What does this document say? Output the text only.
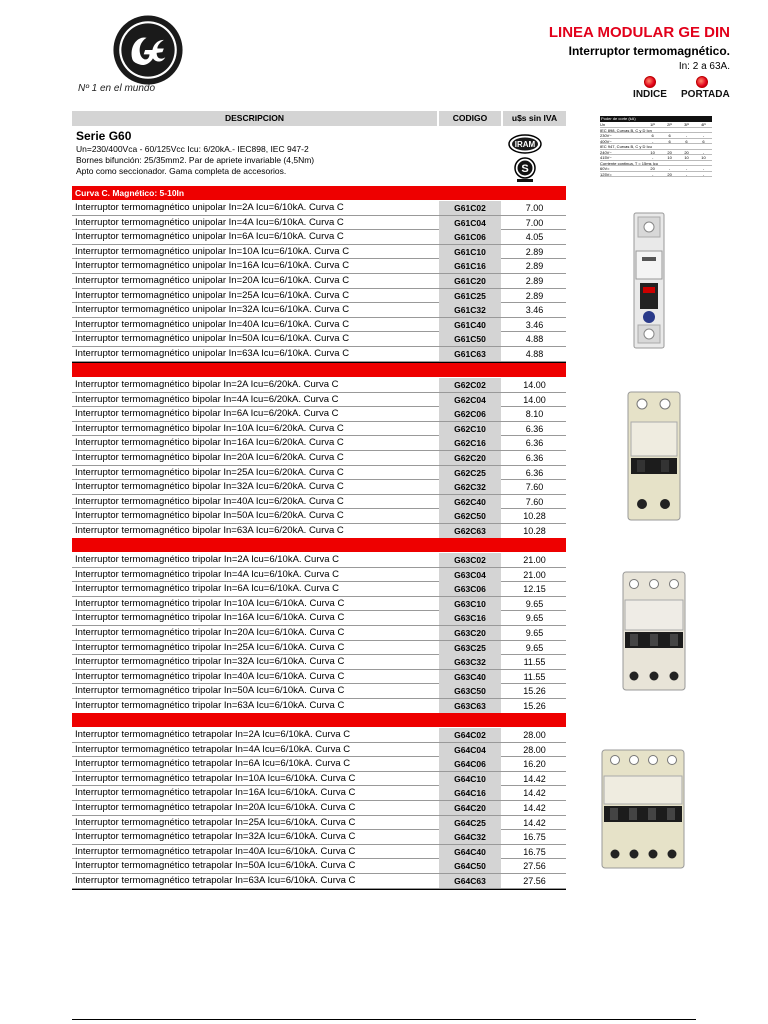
Nº 1 en el mundo
LINEA MODULAR GE DIN
Interruptor termomagnético.
In: 2 a 63A.
INDICE	PORTADA
DESCRIPCION	CODIGO	u$s sin IVA
Serie G60
Un=230/400Vca - 60/125Vcc Icu: 6/20kA.- IEC898, IEC 947-2
Bornes bifunción: 25/35mm2. Par de apriete invariable (4,5Nm)
Apto como seccionador. Gama completa de accesorios.
IRAM
S
Poder de corte (kA)
Un	1P	2P	3P	4P
IEC 898, Curvas B, C y D Icn
230V~	6	6	-	-
400V~	-	6	6	6
IEC 947, Curvas B, C y D Icu
240V~	10	20	20	-
415V~	-	10	10	10
Corriente continua, T = 15ms Icu
60V=	20	-	-	-
125V=	-	20	-	-
Curva C. Magnético: 5-10In
Interruptor termomagnético unipolar In=2A Icu=6/10kA. Curva C	G61C02	7.00
Interruptor termomagnético unipolar In=4A Icu=6/10kA. Curva C	G61C04	7.00
Interruptor termomagnético unipolar In=6A Icu=6/10kA. Curva C	G61C06	4.05
Interruptor termomagnético unipolar In=10A Icu=6/10kA. Curva C	G61C10	2.89
Interruptor termomagnético unipolar In=16A Icu=6/10kA. Curva C	G61C16	2.89
Interruptor termomagnético unipolar In=20A Icu=6/10kA. Curva C	G61C20	2.89
Interruptor termomagnético unipolar In=25A Icu=6/10kA. Curva C	G61C25	2.89
Interruptor termomagnético unipolar In=32A Icu=6/10kA. Curva C	G61C32	3.46
Interruptor termomagnético unipolar In=40A Icu=6/10kA. Curva C	G61C40	3.46
Interruptor termomagnético unipolar In=50A Icu=6/10kA. Curva C	G61C50	4.88
Interruptor termomagnético unipolar In=63A Icu=6/10kA. Curva C	G61C63	4.88
Interruptor termomagnético bipolar In=2A Icu=6/20kA. Curva C	G62C02	14.00
Interruptor termomagnético bipolar In=4A Icu=6/20kA. Curva C	G62C04	14.00
Interruptor termomagnético bipolar In=6A Icu=6/20kA. Curva C	G62C06	8.10
Interruptor termomagnético bipolar In=10A Icu=6/20kA. Curva C	G62C10	6.36
Interruptor termomagnético bipolar In=16A Icu=6/20kA. Curva C	G62C16	6.36
Interruptor termomagnético bipolar In=20A Icu=6/20kA. Curva C	G62C20	6.36
Interruptor termomagnético bipolar In=25A Icu=6/20kA. Curva C	G62C25	6.36
Interruptor termomagnético bipolar In=32A Icu=6/20kA. Curva C	G62C32	7.60
Interruptor termomagnético bipolar In=40A Icu=6/20kA. Curva C	G62C40	7.60
Interruptor termomagnético bipolar In=50A Icu=6/20kA. Curva C	G62C50	10.28
Interruptor termomagnético bipolar In=63A Icu=6/20kA. Curva C	G62C63	10.28
Interruptor termomagnético tripolar In=2A Icu=6/10kA. Curva C	G63C02	21.00
Interruptor termomagnético tripolar In=4A Icu=6/10kA. Curva C	G63C04	21.00
Interruptor termomagnético tripolar In=6A Icu=6/10kA. Curva C	G63C06	12.15
Interruptor termomagnético tripolar In=10A Icu=6/10kA. Curva C	G63C10	9.65
Interruptor termomagnético tripolar In=16A Icu=6/10kA. Curva C	G63C16	9.65
Interruptor termomagnético tripolar In=20A Icu=6/10kA. Curva C	G63C20	9.65
Interruptor termomagnético tripolar In=25A Icu=6/10kA. Curva C	G63C25	9.65
Interruptor termomagnético tripolar In=32A Icu=6/10kA. Curva C	G63C32	11.55
Interruptor termomagnético tripolar In=40A Icu=6/10kA. Curva C	G63C40	11.55
Interruptor termomagnético tripolar In=50A Icu=6/10kA. Curva C	G63C50	15.26
Interruptor termomagnético tripolar In=63A Icu=6/10kA. Curva C	G63C63	15.26
Interruptor termomagnético tetrapolar In=2A Icu=6/10kA. Curva C	G64C02	28.00
Interruptor termomagnético tetrapolar In=4A Icu=6/10kA. Curva C	G64C04	28.00
Interruptor termomagnético tetrapolar In=6A Icu=6/10kA. Curva C	G64C06	16.20
Interruptor termomagnético tetrapolar In=10A Icu=6/10kA. Curva C	G64C10	14.42
Interruptor termomagnético tetrapolar In=16A Icu=6/10kA. Curva C	G64C16	14.42
Interruptor termomagnético tetrapolar In=20A Icu=6/10kA. Curva C	G64C20	14.42
Interruptor termomagnético tetrapolar In=25A Icu=6/10kA. Curva C	G64C25	14.42
Interruptor termomagnético tetrapolar In=32A Icu=6/10kA. Curva C	G64C32	16.75
Interruptor termomagnético tetrapolar In=40A Icu=6/10kA. Curva C	G64C40	16.75
Interruptor termomagnético tetrapolar In=50A Icu=6/10kA. Curva C	G64C50	27.56
Interruptor termomagnético tetrapolar In=63A Icu=6/10kA. Curva C	G64C63	27.56
